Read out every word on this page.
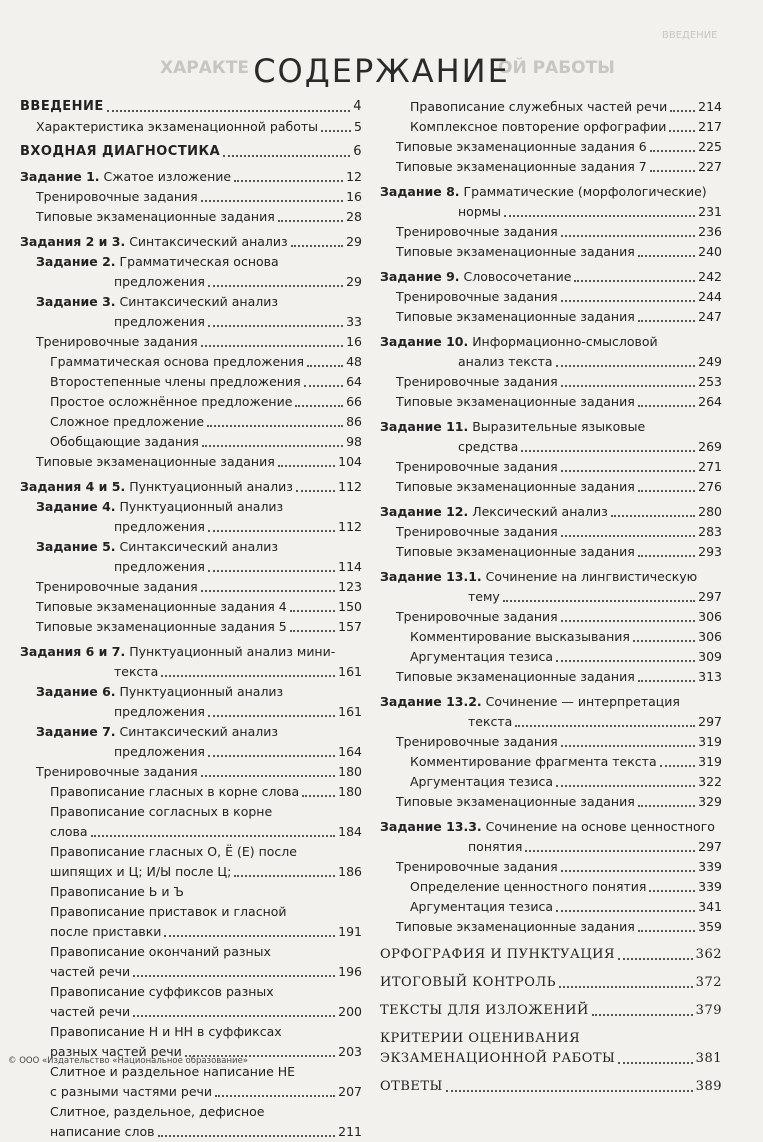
ХАРАКТЕ	ОЙ РАБОТЫ
ВВЕДЕНИЕ
СОДЕРЖАНИЕ
ВВЕДЕНИЕ	4
Характеристика экзаменационной работы	5
ВХОДНАЯ ДИАГНОСТИКА	6
Задание 1. Сжатое изложение	12
Тренировочные задания	16
Типовые экзаменационные задания	28
Задания 2 и 3. Синтаксический анализ	29
Задание 2. Грамматическая основа
предложения	29
Задание 3. Синтаксический анализ
предложения	33
Тренировочные задания	16
Грамматическая основа предложения	48
Второстепенные члены предложения	64
Простое осложнённое предложение	66
Сложное предложение	86
Обобщающие задания	98
Типовые экзаменационные задания	104
Задания 4 и 5. Пунктуационный анализ	112
Задание 4. Пунктуационный анализ
предложения	112
Задание 5. Синтаксический анализ
предложения	114
Тренировочные задания	123
Типовые экзаменационные задания 4	150
Типовые экзаменационные задания 5	157
Задания 6 и 7. Пунктуационный анализ мини-
текста	161
Задание 6. Пунктуационный анализ
предложения	161
Задание 7. Синтаксический анализ
предложения	164
Тренировочные задания	180
Правописание гласных в корне слова	180
Правописание согласных в корне
слова	184
Правописание гласных О, Ё (Е) после
шипящих и Ц; И/Ы после Ц;	186
Правописание Ь и Ъ
Правописание приставок и гласной
после приставки	191
Правописание окончаний разных
частей речи	196
Правописание суффиксов разных
частей речи	200
Правописание Н и НН в суффиксах
разных частей речи	203
Слитное и раздельное написание НЕ
с разными частями речи	207
Слитное, раздельное, дефисное
написание слов	211
Правописание служебных частей речи 214
Комплексное повторение орфографии	217
Типовые экзаменационные задания 6	225
Типовые экзаменационные задания 7	227
Задание 8. Грамматические (морфологические)
нормы	231
Тренировочные задания	236
Типовые экзаменационные задания	240
Задание 9. Словосочетание	242
Тренировочные задания	244
Типовые экзаменационные задания	247
Задание 10. Информационно-смысловой
анализ текста	249
Тренировочные задания	253
Типовые экзаменационные задания	264
Задание 11. Выразительные языковые
средства	269
Тренировочные задания	271
Типовые экзаменационные задания	276
Задание 12. Лексический анализ	280
Тренировочные задания	283
Типовые экзаменационные задания	293
Задание 13.1. Сочинение на лингвистическую
тему	297
Тренировочные задания	306
Комментирование высказывания	306
Аргументация тезиса	309
Типовые экзаменационные задания	313
Задание 13.2. Сочинение — интерпретация
текста	297
Тренировочные задания	319
Комментирование фрагмента текста	319
Аргументация тезиса	322
Типовые экзаменационные задания	329
Задание 13.3. Сочинение на основе ценностного
понятия	297
Тренировочные задания	339
Определение ценностного понятия	339
Аргументация тезиса	341
Типовые экзаменационные задания	359
ОРФОГРАФИЯ И ПУНКТУАЦИЯ	362
ИТОГОВЫЙ КОНТРОЛЬ	372
ТЕКСТЫ ДЛЯ ИЗЛОЖЕНИЙ	379
КРИТЕРИИ ОЦЕНИВАНИЯ
ЭКЗАМЕНАЦИОННОЙ РАБОТЫ	381
ОТВЕТЫ	389
© ООО «Издательство «Национальное образование»
